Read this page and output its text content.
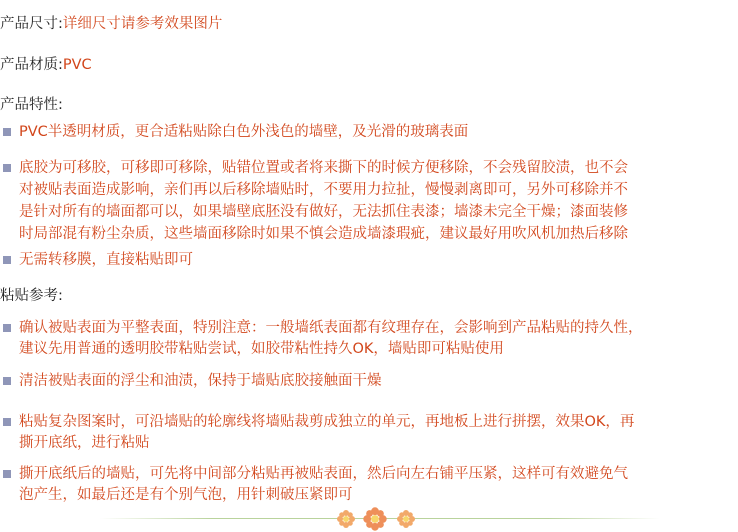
产品尺寸:详细尺寸请参考效果图片
产品材质:PVC
产品特性:
PVC半透明材质，更合适粘贴除白色外浅色的墙壁，及光滑的玻璃表面
底胶为可移胶，可移即可移除，贴错位置或者将来撕下的时候方便移除，不会残留胶渍，也不会
对被贴表面造成影响，亲们再以后移除墙贴时，不要用力拉扯，慢慢剥离即可，另外可移除并不
是针对所有的墙面都可以，如果墙壁底胚没有做好，无法抓住表漆；墙漆未完全干燥；漆面装修
时局部混有粉尘杂质，这些墙面移除时如果不慎会造成墙漆瑕疵，建议最好用吹风机加热后移除
无需转移膜，直接粘贴即可
粘贴参考:
确认被贴表面为平整表面，特别注意：一般墙纸表面都有纹理存在，会影响到产品粘贴的持久性，
建议先用普通的透明胶带粘贴尝试，如胶带粘性持久OK，墙贴即可粘贴使用
清洁被贴表面的浮尘和油渍，保持于墙贴底胶接触面干燥
粘贴复杂图案时，可沿墙贴的轮廓线将墙贴裁剪成独立的单元，再地板上进行拼摆，效果OK，再
撕开底纸，进行粘贴
撕开底纸后的墙贴，可先将中间部分粘贴再被贴表面，然后向左右铺平压紧，这样可有效避免气
泡产生，如最后还是有个别气泡，用针刺破压紧即可
